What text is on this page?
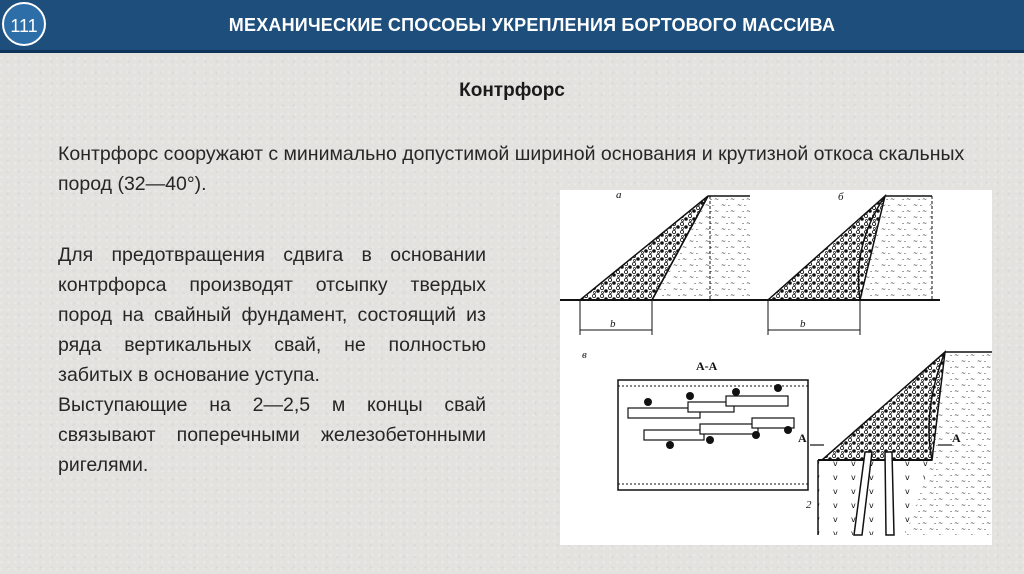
111	МЕХАНИЧЕСКИЕ СПОСОБЫ УКРЕПЛЕНИЯ БОРТОВОГО МАССИВА
Контрфорс
Контрфорс сооружают с минимально допустимой шириной основания и крутизной откоса скальных пород (32—40°).

Для предотвращения сдвига в основании контрфорса производят отсыпку твердых пород на свайный фундамент, состоящий из ряда вертикальных свай, не полностью забитых в основание уступа.

Выступающие на 2—2,5 м концы свай связывают поперечными железобетонными ригелями.

а
b
б
b
в
А-А
А	А
2
